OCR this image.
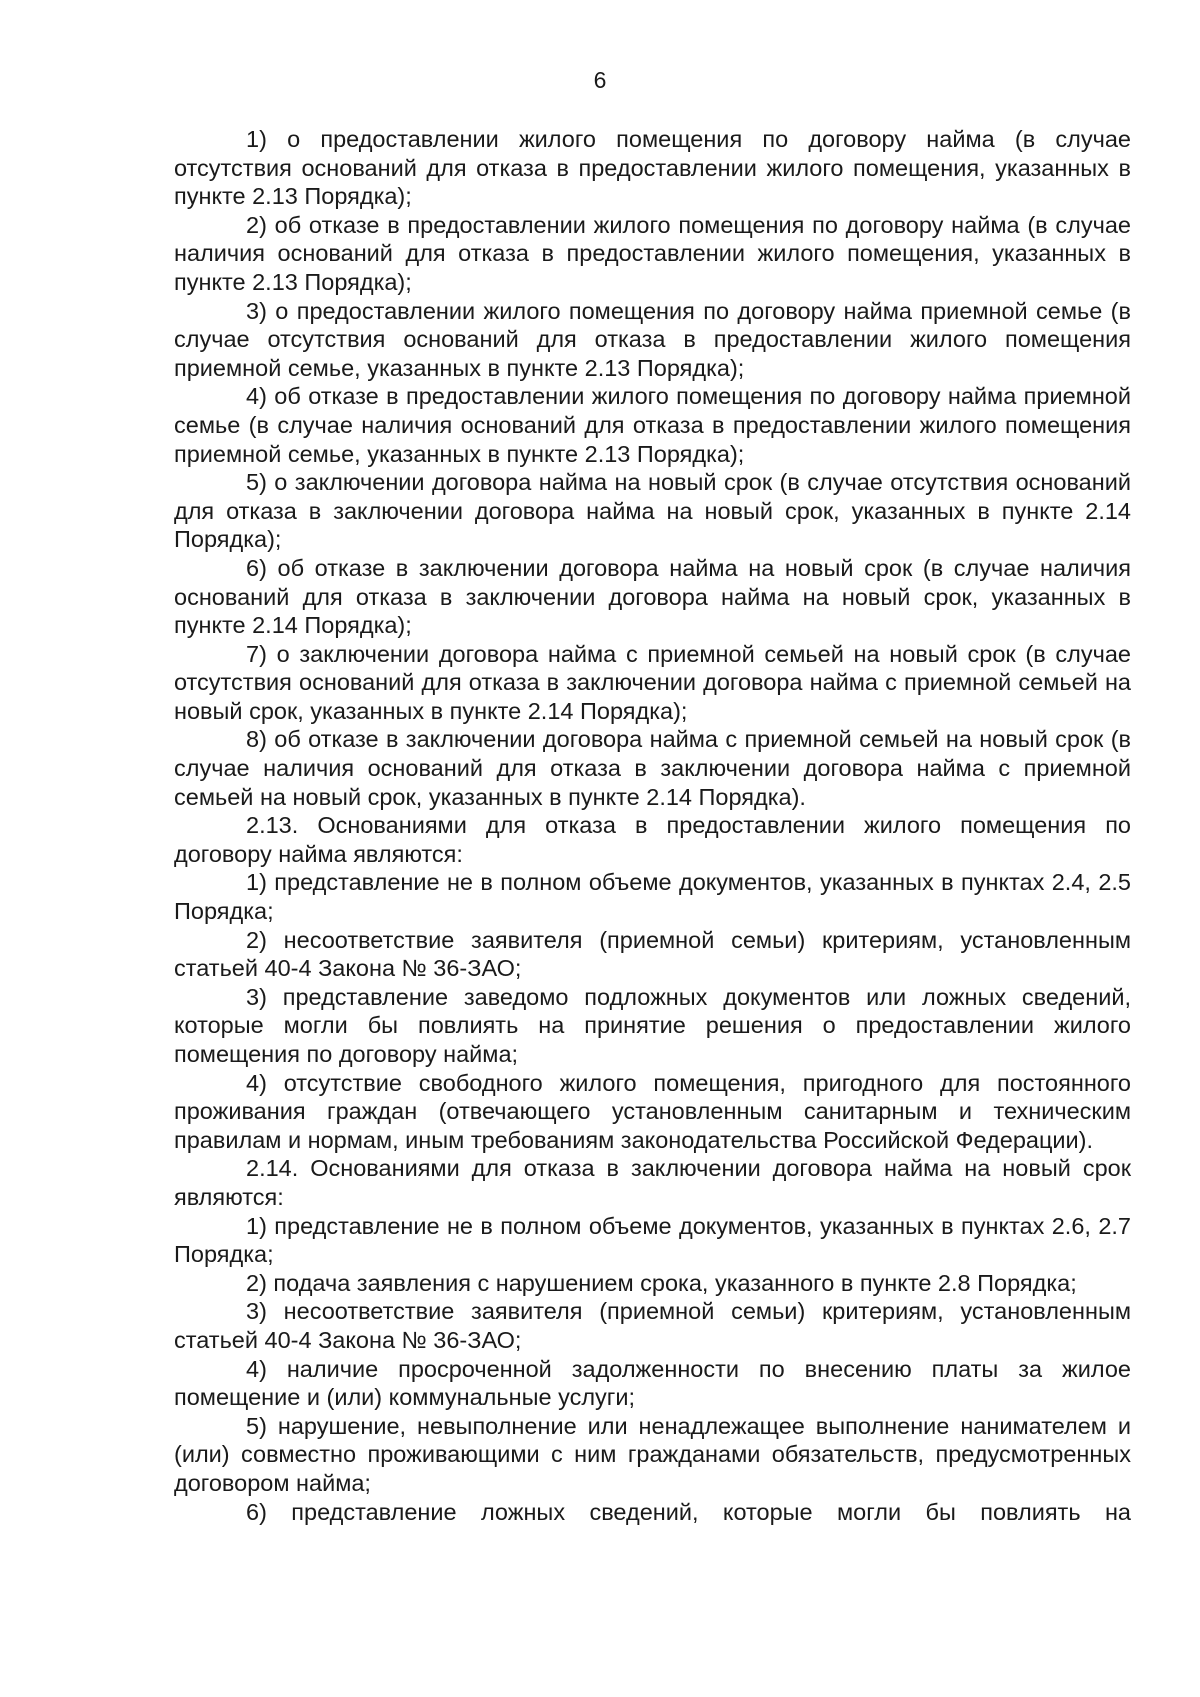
6

1) о предоставлении жилого помещения по договору найма (в случае отсутствия оснований для отказа в предоставлении жилого помещения, указанных в пункте 2.13 Порядка);

2) об отказе в предоставлении жилого помещения по договору найма (в случае наличия оснований для отказа в предоставлении жилого помещения, указанных в пункте 2.13 Порядка);

3) о предоставлении жилого помещения по договору найма приемной семье (в случае отсутствия оснований для отказа в предоставлении жилого помещения приемной семье, указанных в пункте 2.13 Порядка);

4) об отказе в предоставлении жилого помещения по договору найма приемной семье (в случае наличия оснований для отказа в предоставлении жилого помещения приемной семье, указанных в пункте 2.13 Порядка);

5) о заключении договора найма на новый срок (в случае отсутствия оснований для отказа в заключении договора найма на новый срок, указанных в пункте 2.14 Порядка);

6) об отказе в заключении договора найма на новый срок (в случае наличия оснований для отказа в заключении договора найма на новый срок, указанных в пункте 2.14 Порядка);

7) о заключении договора найма с приемной семьей на новый срок (в случае отсутствия оснований для отказа в заключении договора найма с приемной семьей на новый срок, указанных в пункте 2.14 Порядка);

8) об отказе в заключении договора найма с приемной семьей на новый срок (в случае наличия оснований для отказа в заключении договора найма с приемной семьей на новый срок, указанных в пункте 2.14 Порядка).

2.13. Основаниями для отказа в предоставлении жилого помещения по договору найма являются:

1) представление не в полном объеме документов, указанных в пунктах 2.4, 2.5 Порядка;

2) несоответствие заявителя (приемной семьи) критериям, установленным статьей 40-4 Закона № 36-ЗАО;

3) представление заведомо подложных документов или ложных сведений, которые могли бы повлиять на принятие решения о предоставлении жилого помещения по договору найма;

4) отсутствие свободного жилого помещения, пригодного для постоянного проживания граждан (отвечающего установленным санитарным и техническим правилам и нормам, иным требованиям законодательства Российской Федерации).

2.14. Основаниями для отказа в заключении договора найма на новый срок являются:

1) представление не в полном объеме документов, указанных в пунктах 2.6, 2.7 Порядка;

2) подача заявления с нарушением срока, указанного в пункте 2.8 Порядка;

3) несоответствие заявителя (приемной семьи) критериям, установленным статьей 40-4 Закона № 36-ЗАО;

4) наличие просроченной задолженности по внесению платы за жилое помещение и (или) коммунальные услуги;

5) нарушение, невыполнение или ненадлежащее выполнение нанимателем и (или) совместно проживающими с ним гражданами обязательств, предусмотренных договором найма;

6) представление ложных сведений, которые могли бы повлиять на
